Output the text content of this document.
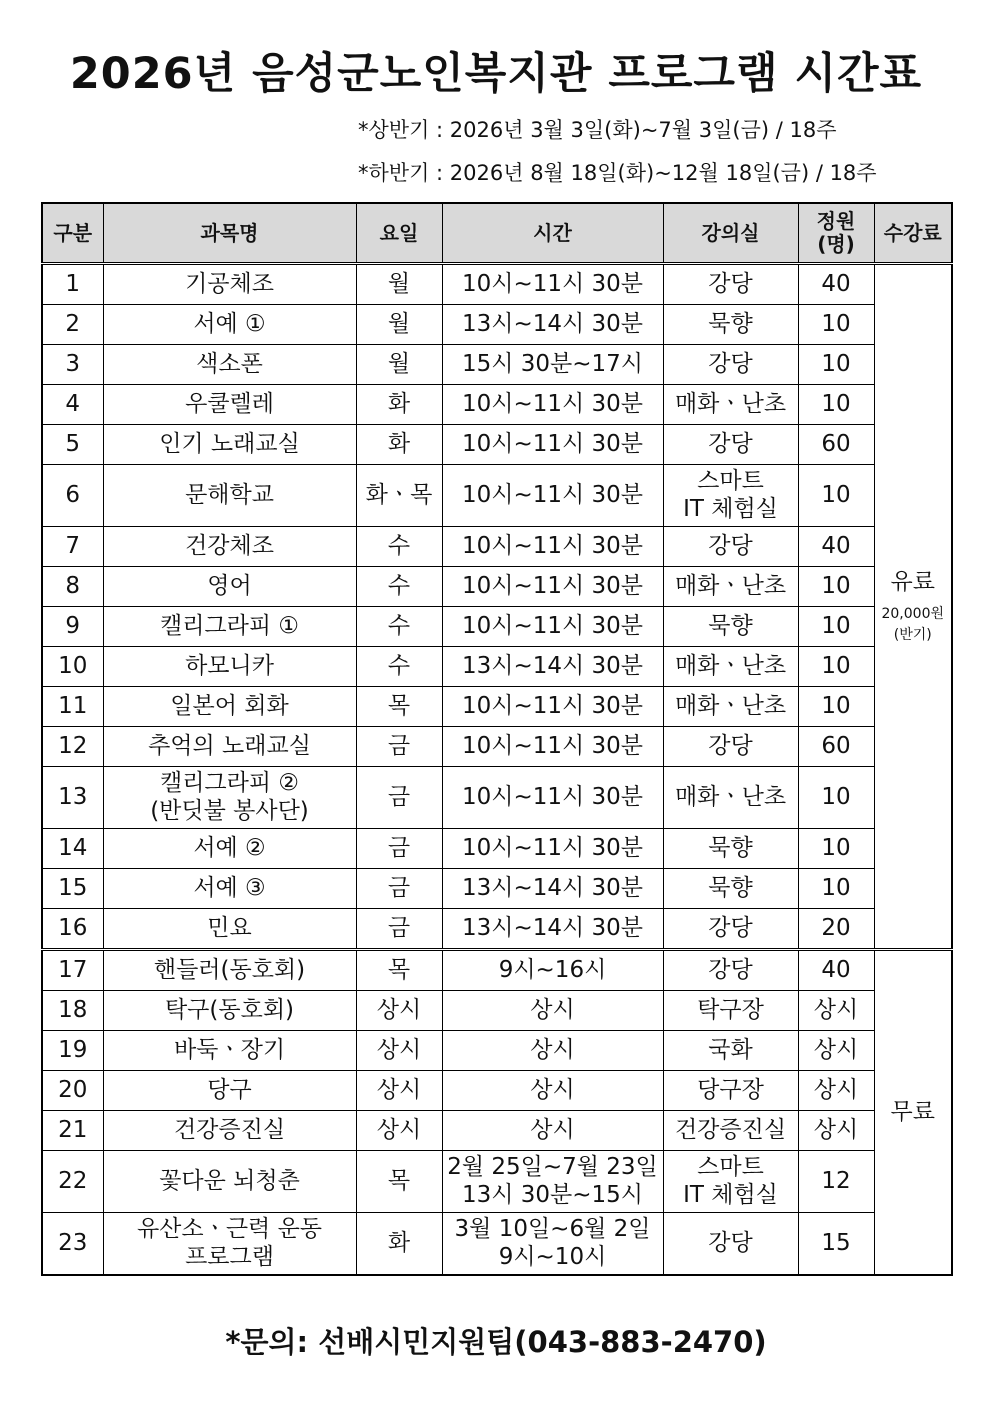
2026년 음성군노인복지관 프로그램 시간표
*상반기 : 2026년 3월 3일(화)~7월 3일(금) / 18주
*하반기 : 2026년 8월 18일(화)~12월 18일(금) / 18주
구분	과목명	요일	시간	강의실	정원
(명)	수강료
1	기공체조	월	10시~11시 30분	강당	40	유료
20,000원
(반기)

2	서예 ①	월	13시~14시 30분	묵향	10	
3	색소폰	월	15시 30분~17시	강당	10	
4	우쿨렐레	화	10시~11시 30분	매화ㆍ난초	10	
5	인기 노래교실	화	10시~11시 30분	강당	60	
6	문해학교	화ㆍ목	10시~11시 30분	스마트
IT 체험실	10	
7	건강체조	수	10시~11시 30분	강당	40	
8	영어	수	10시~11시 30분	매화ㆍ난초	10	
9	캘리그라피 ①	수	10시~11시 30분	묵향	10	
10	하모니카	수	13시~14시 30분	매화ㆍ난초	10	
11	일본어 회화	목	10시~11시 30분	매화ㆍ난초	10	
12	추억의 노래교실	금	10시~11시 30분	강당	60	
13	캘리그라피 ②
(반딧불 봉사단)	금	10시~11시 30분	매화ㆍ난초	10	
14	서예 ②	금	10시~11시 30분	묵향	10	
15	서예 ③	금	13시~14시 30분	묵향	10	
16	민요	금	13시~14시 30분	강당	20	
17	핸들러(동호회)	목	9시~16시	강당	40	무료
18	탁구(동호회)	상시	상시	탁구장	상시	
19	바둑ㆍ장기	상시	상시	국화	상시	
20	당구	상시	상시	당구장	상시	
21	건강증진실	상시	상시	건강증진실	상시	
22	꽃다운 뇌청춘	목	2월 25일~7월 23일
13시 30분~15시	스마트
IT 체험실	12	
23	유산소ㆍ근력 운동
프로그램	화	3월 10일~6월 2일
9시~10시	강당	15	
*문의: 선배시민지원팀(043-883-2470)
